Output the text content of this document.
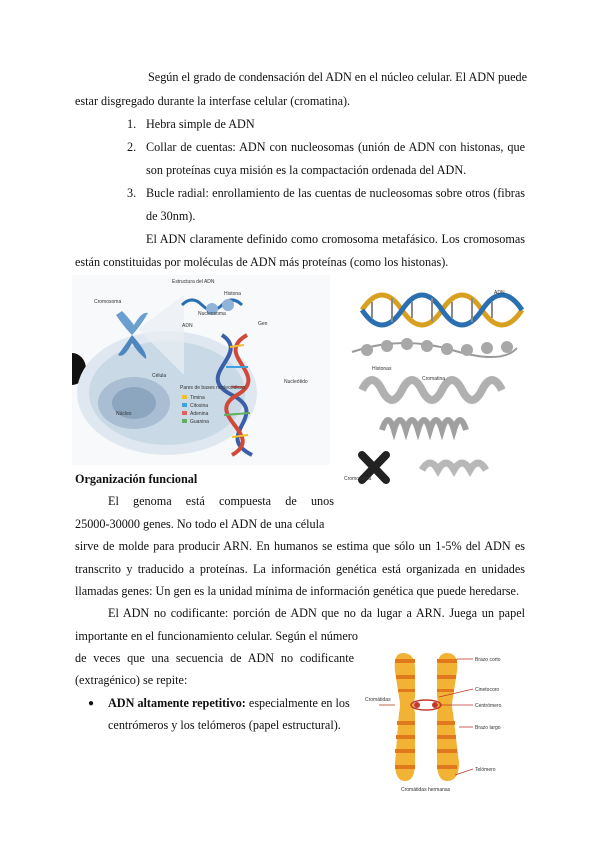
Según el grado de condensación del ADN en el núcleo celular. El ADN puede
estar disgregado durante la interfase celular (cromatina).
1. Hebra simple de ADN
2. Collar de cuentas: ADN con nucleosomas (unión de ADN con histonas, que
son proteínas cuya misión es la compactación ordenada del ADN.
3. Bucle radial: enrollamiento de las cuentas de nucleosomas sobre otros (fibras
de 30nm).
El ADN claramente definido como cromosoma metafásico. Los cromosomas
están constituidas por moléculas de ADN más proteínas (como los histonas).
Estructura del ADN
Cromosoma
Histona
Nucleosoma
ADN	Gen
Célula
Núcleo
Nucleótido
Pares de bases nucleotídicas
Timina
Citosina
Adenina
Guanina
ADN
Histonas
Cromatina
Cromosoma
Organización funcional
El genoma está compuesta de unos
25000-30000 genes. No todo el ADN de una célula
sirve de molde para producir ARN. En humanos se estima que sólo un 1-5% del ADN es
transcrito y traducido a proteínas. La información genética está organizada en unidades
llamadas genes: Un gen es la unidad mínima de información genética que puede heredarse.
El ADN no codificante: porción de ADN que no da lugar a ARN. Juega un papel
importante en el funcionamiento celular. Según el número
de veces que una secuencia de ADN no codificante
(extragénico) se repite:
● ADN altamente repetitivo: especialmente en los
centrómeros y los telómeros (papel estructural).
Brazo corto
Cinetocoro
Centrómero
Brazo largo
Telómero
Cromátidas
Cromátidas hermanas
